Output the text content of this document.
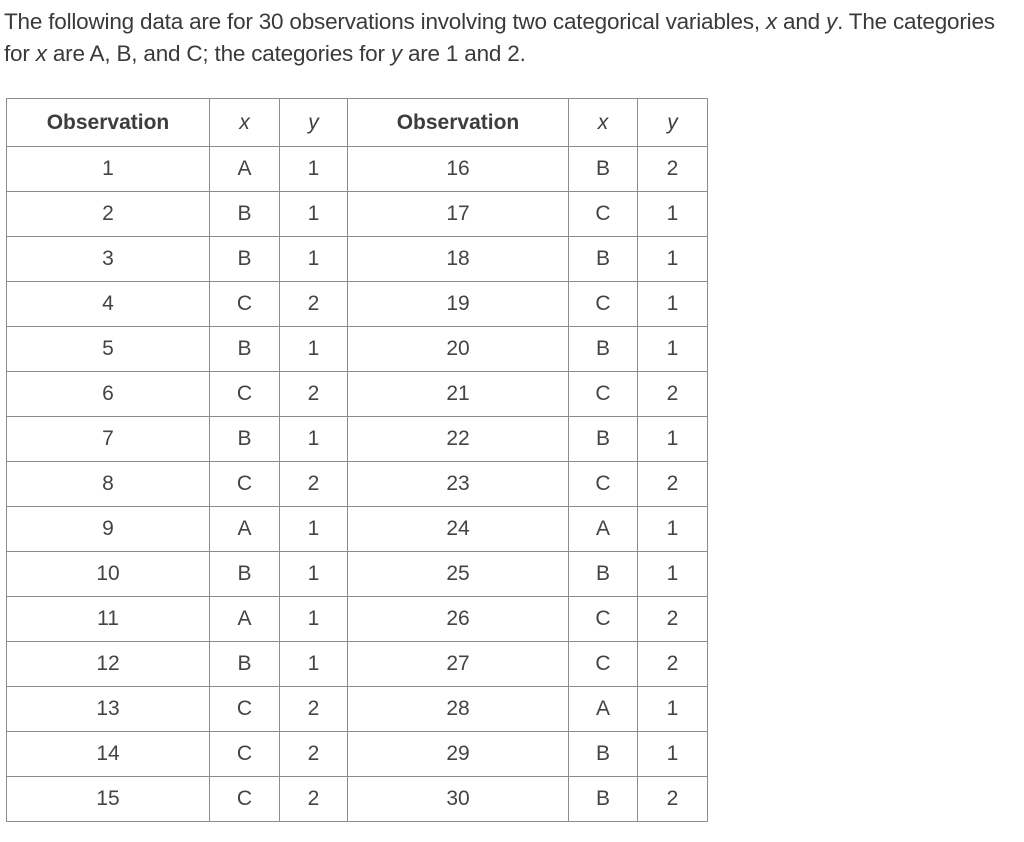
The following data are for 30 observations involving two categorical variables, x and y. The categories for x are A, B, and C; the categories for y are 1 and 2.
Observation	x	y	Observation	x	y
1	A	1	16	B	2
2	B	1	17	C	1
3	B	1	18	B	1
4	C	2	19	C	1
5	B	1	20	B	1
6	C	2	21	C	2
7	B	1	22	B	1
8	C	2	23	C	2
9	A	1	24	A	1
10	B	1	25	B	1
11	A	1	26	C	2
12	B	1	27	C	2
13	C	2	28	A	1
14	C	2	29	B	1
15	C	2	30	B	2
